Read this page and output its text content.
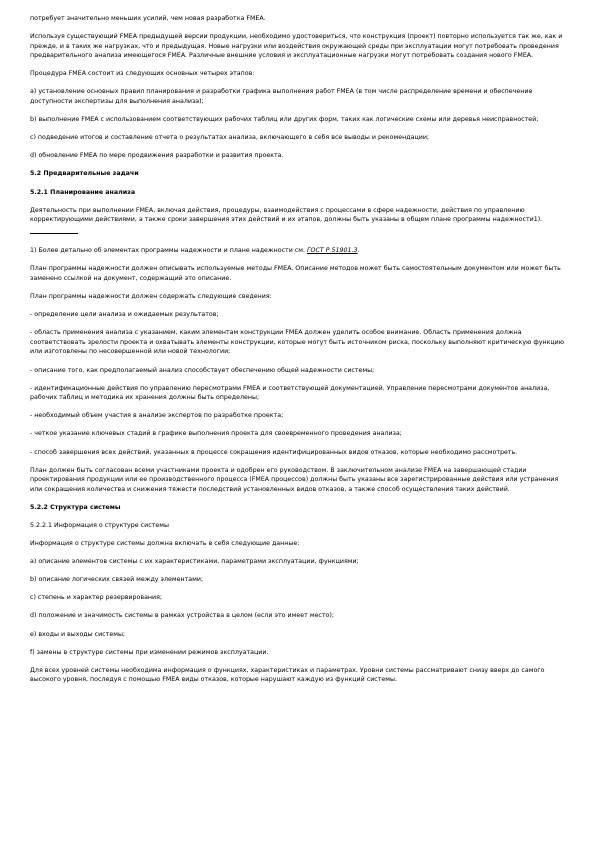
потребует значительно меньших усилий, чем новая разработка FMEA.

Используя существующий FMEA предыдущей версии продукции, необходимо удостовериться, что конструкция (проект) повторно используется так же, как и прежде, и в таких же нагрузках, что и предыдущая. Новые нагрузки или воздействия окружающей среды при эксплуатации могут потребовать проведения предварительного анализа имеющегося FMEA. Различные внешние условия и эксплуатационные нагрузки могут потребовать создания нового FMEA.

Процедура FMEA состоит из следующих основных четырех этапов:

а) установление основных правил планирования и разработки графика выполнения работ FMEA (в том числе распределение времени и обеспечение доступности экспертизы для выполнения анализа);

b) выполнение FMEA с использованием соответствующих рабочих таблиц или других форм, таких как логические схемы или деревья неисправностей;

c) подведение итогов и составление отчета о результатах анализа, включающего в себя все выводы и рекомендации;

d) обновление FMEA по мере продвижения разработки и развития проекта.

5.2 Предварительные задачи

5.2.1 Планирование анализа

Деятельность при выполнении FMEA, включая действия, процедуры, взаимодействия с процессами в сфере надежности, действия по управлению корректирующими действиями, а также сроки завершения этих действий и их этапов, должны быть указаны в общем плане программы надежности1).

1) Более детально об элементах программы надежности и плане надежности см. ГОСТ Р 51901.3.

План программы надежности должен описывать используемые методы FMEA. Описание методов может быть самостоятельным документом или может быть заменено ссылкой на документ, содержащий это описание.

План программы надежности должен содержать следующие сведения:

- определение цели анализа и ожидаемых результатов;

- область применения анализа с указанием, каким элементам конструкции FMEA должен уделить особое внимание. Область применения должна соответствовать зрелости проекта и охватывать элементы конструкции, которые могут быть источником риска, поскольку выполняют критическую функцию или изготовлены по несовершенной или новой технологии;

- описание того, как предполагаемый анализ способствует обеспечению общей надежности системы;

- идентификационные действия по управлению пересмотрами FMEA и соответствующей документацией. Управление пересмотрами документов анализа, рабочих таблиц и методика их хранения должны быть определены;

- необходимый объем участия в анализе экспертов по разработке проекта;

- четкое указание ключевых стадий в графике выполнения проекта для своевременного проведения анализа;

- способ завершения всех действий, указанных в процессе сокращения идентифицированных видов отказов, которые необходимо рассмотреть.

План должен быть согласован всеми участниками проекта и одобрен его руководством. В заключительном анализе FMEA на завершающей стадии проектирования продукции или ее производственного процесса (FMEA процессов) должны быть указаны все зарегистрированные действия или устранения или сокращения количества и снижения тяжести последствий установленных видов отказов, а также способ осуществления таких действий.

5.2.2 Структура системы

5.2.2.1 Информация о структуре системы

Информация о структуре системы должна включать в себя следующие данные:

а) описание элементов системы с их характеристиками, параметрами эксплуатации, функциями;

b) описание логических связей между элементами;

c) степень и характер резервирования;

d) положение и значимость системы в рамках устройства в целом (если это имеет место);

e) входы и выходы системы;

f) замены в структуре системы при изменении режимов эксплуатации.

Для всех уровней системы необходима информация о функциях, характеристиках и параметрах. Уровни системы рассматривают снизу вверх до самого высокого уровня, последуя с помощью FMEA виды отказов, которые нарушают каждую из функций системы.
